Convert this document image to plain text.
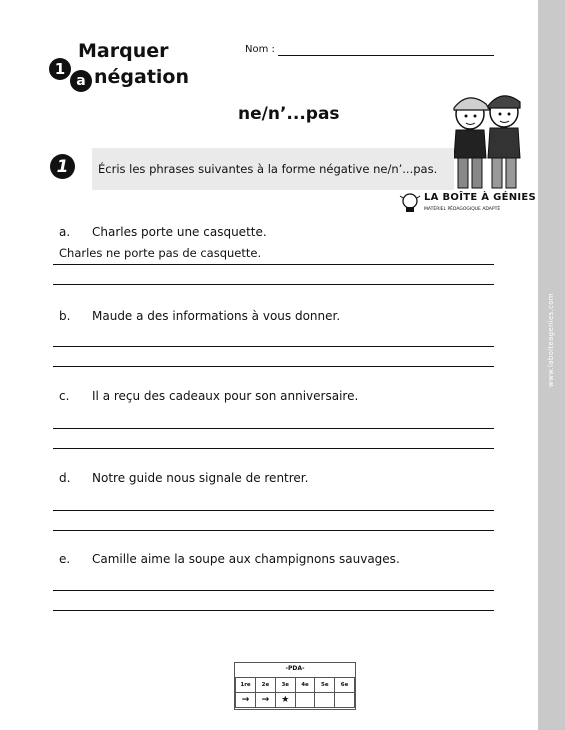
www.laboiteagenies.com
1
a
Marquer
négation
Nom :
ne/n’...pas
LA BOÎTE À GÉNIES
MATÉRIEL PÉDAGOGIQUE ADAPTÉ
1	Écris les phrases suivantes à la forme négative ne/n’...pas.
a. Charles porte une casquette.
Charles ne porte pas de casquette.
b. Maude a des informations à vous donner.
c. Il a reçu des cadeaux pour son anniversaire.
d. Notre guide nous signale de rentrer.
e. Camille aime la soupe aux champignons sauvages.
-PDA-
1re	2e	3e	4e	5e	6e
→	→	★			
